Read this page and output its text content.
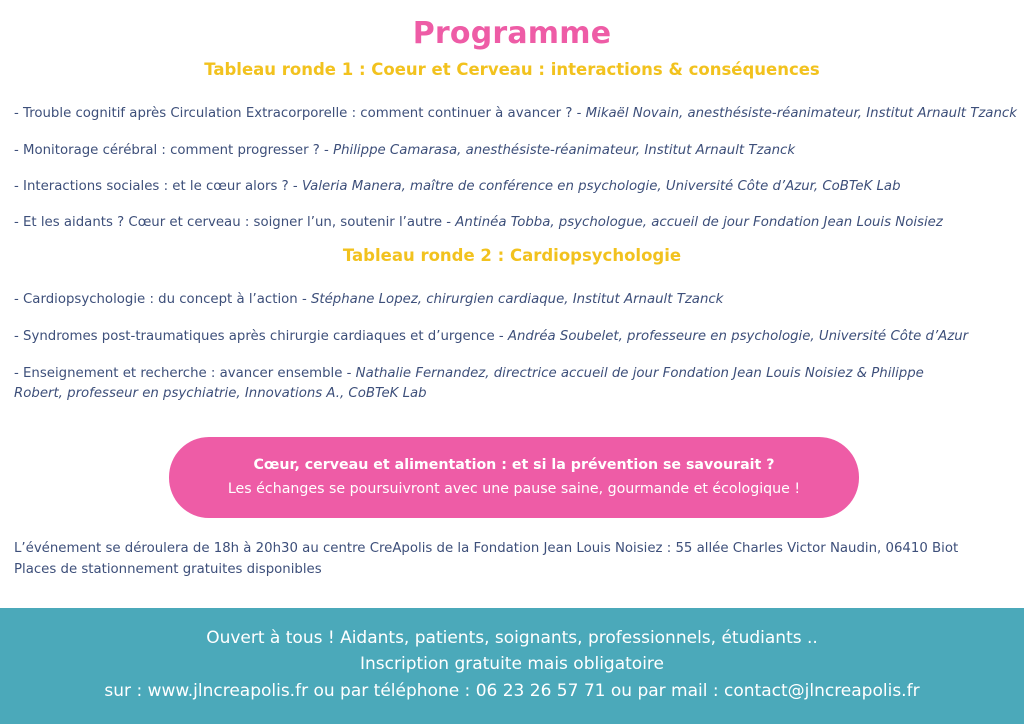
Programme
Tableau ronde 1 : Coeur et Cerveau : interactions & conséquences
- Trouble cognitif après Circulation Extracorporelle : comment continuer à avancer ? - Mikaël Novain, anesthésiste-réanimateur, Institut Arnault Tzanck
- Monitorage cérébral : comment progresser ? - Philippe Camarasa, anesthésiste-réanimateur, Institut Arnault Tzanck
- Interactions sociales : et le cœur alors ? - Valeria Manera, maître de conférence en psychologie, Université Côte d’Azur, CoBTeK Lab
- Et les aidants ? Cœur et cerveau : soigner l’un, soutenir l’autre - Antinéa Tobba, psychologue, accueil de jour Fondation Jean Louis Noisiez
Tableau ronde 2 : Cardiopsychologie
- Cardiopsychologie : du concept à l’action - Stéphane Lopez, chirurgien cardiaque, Institut Arnault Tzanck
- Syndromes post-traumatiques après chirurgie cardiaques et d’urgence - Andréa Soubelet, professeure en psychologie, Université Côte d’Azur
- Enseignement et recherche : avancer ensemble - Nathalie Fernandez, directrice accueil de jour Fondation Jean Louis Noisiez & Philippe Robert, professeur en psychiatrie, Innovations A., CoBTeK Lab
Cœur, cerveau et alimentation : et si la prévention se savourait ?
Les échanges se poursuivront avec une pause saine, gourmande et écologique !
L’événement se déroulera de 18h à 20h30 au centre CreApolis de la Fondation Jean Louis Noisiez : 55 allée Charles Victor Naudin, 06410 Biot
Places de stationnement gratuites disponibles
Ouvert à tous ! Aidants, patients, soignants, professionnels, étudiants ..
Inscription gratuite mais obligatoire
sur : www.jlncreapolis.fr ou par téléphone : 06 23 26 57 71 ou par mail : contact@jlncreapolis.fr
